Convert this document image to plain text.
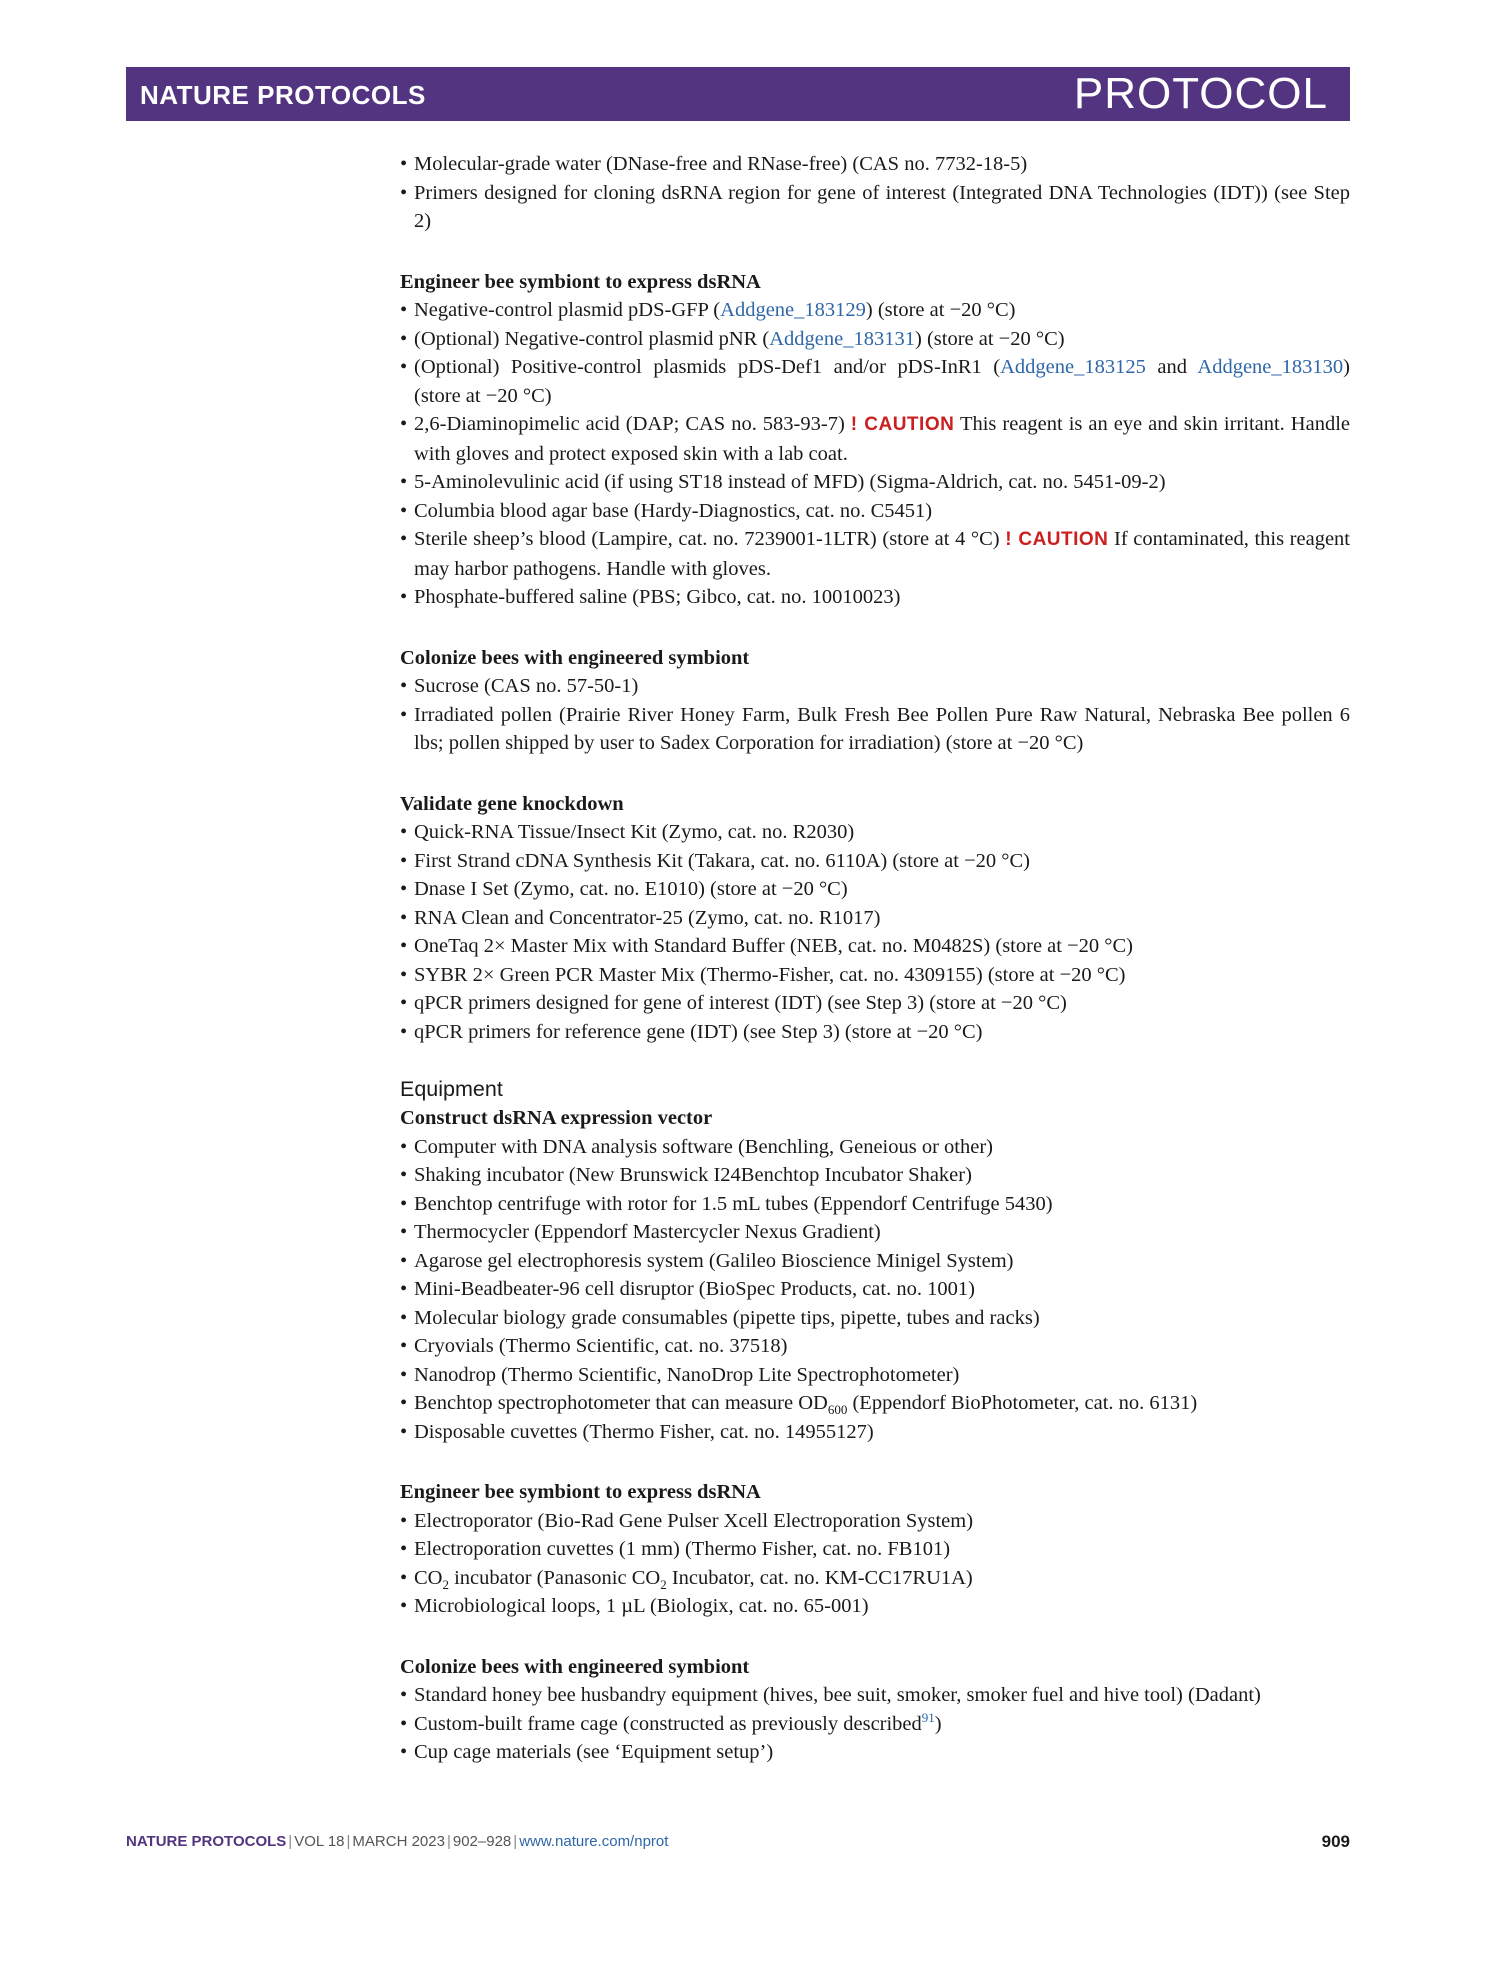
NATURE PROTOCOLS	PROTOCOL
• Molecular-grade water (DNase-free and RNase-free) (CAS no. 7732-18-5)
• Primers designed for cloning dsRNA region for gene of interest (Integrated DNA Technologies (IDT)) (see Step 2)
Engineer bee symbiont to express dsRNA
• Negative-control plasmid pDS-GFP (Addgene_183129) (store at −20 °C)
• (Optional) Negative-control plasmid pNR (Addgene_183131) (store at −20 °C)
• (Optional) Positive-control plasmids pDS-Def1 and/or pDS-InR1 (Addgene_183125 and Addgene_183130) (store at −20 °C)
• 2,6-Diaminopimelic acid (DAP; CAS no. 583-93-7) ! CAUTION This reagent is an eye and skin irritant. Handle with gloves and protect exposed skin with a lab coat.
• 5-Aminolevulinic acid (if using ST18 instead of MFD) (Sigma-Aldrich, cat. no. 5451-09-2)
• Columbia blood agar base (Hardy-Diagnostics, cat. no. C5451)
• Sterile sheep’s blood (Lampire, cat. no. 7239001-1LTR) (store at 4 °C) ! CAUTION If contaminated, this reagent may harbor pathogens. Handle with gloves.
• Phosphate-buffered saline (PBS; Gibco, cat. no. 10010023)
Colonize bees with engineered symbiont
• Sucrose (CAS no. 57-50-1)
• Irradiated pollen (Prairie River Honey Farm, Bulk Fresh Bee Pollen Pure Raw Natural, Nebraska Bee pollen 6 lbs; pollen shipped by user to Sadex Corporation for irradiation) (store at −20 °C)
Validate gene knockdown
• Quick-RNA Tissue/Insect Kit (Zymo, cat. no. R2030)
• First Strand cDNA Synthesis Kit (Takara, cat. no. 6110A) (store at −20 °C)
• Dnase I Set (Zymo, cat. no. E1010) (store at −20 °C)
• RNA Clean and Concentrator-25 (Zymo, cat. no. R1017)
• OneTaq 2× Master Mix with Standard Buffer (NEB, cat. no. M0482S) (store at −20 °C)
• SYBR 2× Green PCR Master Mix (Thermo-Fisher, cat. no. 4309155) (store at −20 °C)
• qPCR primers designed for gene of interest (IDT) (see Step 3) (store at −20 °C)
• qPCR primers for reference gene (IDT) (see Step 3) (store at −20 °C)
Equipment
Construct dsRNA expression vector
• Computer with DNA analysis software (Benchling, Geneious or other)
• Shaking incubator (New Brunswick I24Benchtop Incubator Shaker)
• Benchtop centrifuge with rotor for 1.5 mL tubes (Eppendorf Centrifuge 5430)
• Thermocycler (Eppendorf Mastercycler Nexus Gradient)
• Agarose gel electrophoresis system (Galileo Bioscience Minigel System)
• Mini-Beadbeater-96 cell disruptor (BioSpec Products, cat. no. 1001)
• Molecular biology grade consumables (pipette tips, pipette, tubes and racks)
• Cryovials (Thermo Scientific, cat. no. 37518)
• Nanodrop (Thermo Scientific, NanoDrop Lite Spectrophotometer)
• Benchtop spectrophotometer that can measure $OD_{600}$ (Eppendorf BioPhotometer, cat. no. 6131)
• Disposable cuvettes (Thermo Fisher, cat. no. 14955127)
Engineer bee symbiont to express dsRNA
• Electroporator (Bio-Rad Gene Pulser Xcell Electroporation System)
• Electroporation cuvettes (1 mm) (Thermo Fisher, cat. no. FB101)
• $CO_2$ incubator (Panasonic $CO_2$ Incubator, cat. no. KM-CC17RU1A)
• Microbiological loops, 1 µL (Biologix, cat. no. 65-001)
Colonize bees with engineered symbiont
• Standard honey bee husbandry equipment (hives, bee suit, smoker, smoker fuel and hive tool) (Dadant)
• Custom-built frame cage (constructed as previously described$^{91}$)
• Cup cage materials (see ‘Equipment setup’)
NATURE PROTOCOLS | VOL 18 | MARCH 2023 | 902–928 | www.nature.com/nprot	909
